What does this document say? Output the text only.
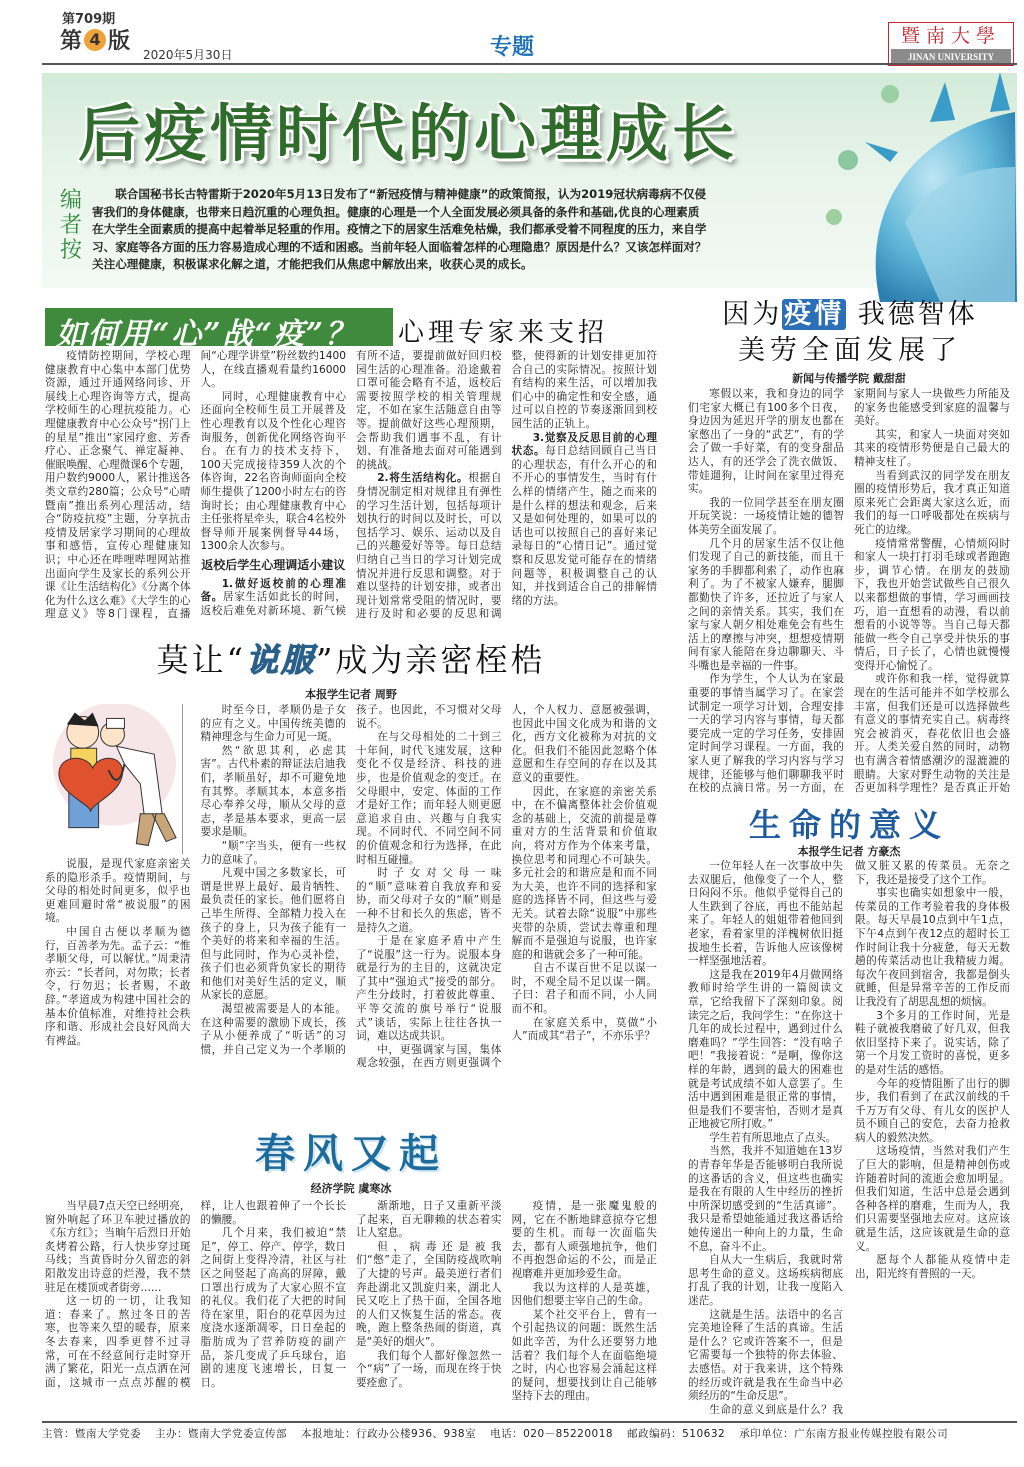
第709期
第 4 版
2020年5月30日	专题	暨南大學
JINAN UNIVERSITY
后疫情时代的心理成长
编者按
联合国秘书长古特雷斯于2020年5月13日发布了“新冠疫情与精神健康”的政策简报，认为2019冠状病毒病不仅侵害我们的身体健康，也带来日趋沉重的心理负担。健康的心理是一个人全面发展必须具备的条件和基础,优良的心理素质在大学生全面素质的提高中起着举足轻重的作用。疫情之下的居家生活难免枯燥，我们都承受着不同程度的压力，来自学习、家庭等各方面的压力容易造成心理的不适和困惑。当前年轻人面临着怎样的心理隐患？原因是什么？又该怎样面对？关注心理健康，积极谋求化解之道，才能把我们从焦虑中解放出来，收获心灵的成长。
如何用“心”战“疫”？ 心理专家来支招

疫情防控期间，学校心理健康教育中心集中本部门优势资源，通过开通网络问诊、开展线上心理咨询等方式，提高学校师生的心理抗疫能力。心理健康教育中心公众号“拐门上的星星”推出“家园疗愈、芳香疗心、正念聚气、禅定凝神、催眠唤醒、心理微课6个专题，用户数约9000人，累计推送各类文章约280篇；公众号“心晴暨南”推出系列心理活动，结合“防疫抗疫”主题，分享抗击疫情及居家学习期间的心理故事和感悟，宣传心理健康知识；中心还在哔哩哔哩网站推出面向学生及家长的系列公开课《让生活结构化》《分离个体化为什么这么难》《大学生的心理意义》等8门课程，直播间“心理学讲堂”粉丝数约1400人，在线直播观看量约16000人。

同时，心理健康教育中心还面向全校师生员工开展普及性心理教育以及个性化心理咨询服务，创新优化网络咨询平台。在有力的技术支持下，100天完成接待359人次的个体咨询，22名咨询师面向全校师生提供了1200小时左右的咨询时长；由心理健康教育中心主任张将星牵头，联合4名校外督导师开展案例督导44场，1300余人次参与。

返校后学生心理调适小建议

1.做好返校前的心理准备。居家生活如此长的时间，返校后难免对新环境、新气候有所不适，要提前做好回归校园生活的心理准备。沿途戴着口罩可能会略有不适，返校后需要按照学校的相关管理规定，不如在家生活随意自由等等。提前做好这些心理预期，会帮助我们遇事不乱，有计划、有准备地去面对可能遇到的挑战。

2.将生活结构化。根据自身情况制定相对规律且有弹性的学习生活计划，包括每项计划执行的时间以及时长，可以包括学习、娱乐、运动以及自己的兴趣爱好等等。每日总结归纳自己当日的学习计划完成情况并进行反思和调整。对于难以坚持的计划安排，或者出现计划常常受阻的情况时，要进行及时和必要的反思和调整，使得新的计划安排更加符合自己的实际情况。按照计划有结构的来生活，可以增加我们心中的确定性和安全感，通过可以自控的节奏逐渐回到校园生活的正轨上。

3.觉察及反思目前的心理状态。每日总结回顾自己当日的心理状态，有什么开心的和不开心的事情发生，当时有什么样的情绪产生，随之而来的是什么样的想法和观念，后来又是如何处理的，如果可以的话也可以按照自己的喜好来记录每日的“心情日记”。通过觉察和反思发觉可能存在的情绪问题等，积极调整自己的认知，并找到适合自己的排解情绪的方法。

因为疫情 我德智体
美劳全面发展了
新闻与传播学院 戴甜甜

寒假以来，我和身边的同学们宅家大概已有100多个日夜，身边因为延迟开学的朋友也都在家憋出了一身的“武艺”，有的学会了做一手好菜，有的变身甜品达人，有的还学会了洗衣做饭、带娃遛狗，让时间在家里过得充实。

我的一位同学甚至在朋友圈开玩笑说：一场疫情让她的德智体美劳全面发展了。

几个月的居家生活不仅让他们发现了自己的新技能，而且干家务的手脚都利索了，动作也麻利了。为了不被家人嫌弃，腿脚都勤快了许多，还拉近了与家人之间的亲情关系。其实，我们在家与家人朝夕相处难免会有些生活上的摩擦与冲突，想想疫情期间有家人能陪在身边聊聊天、斗斗嘴也是幸福的一件事。

作为学生，个人认为在家最重要的事情当属学习了。在家尝试制定一项学习计划，合理安排一天的学习内容与事情，每天都要完成一定的学习任务，安排固定时间学习课程。一方面，我的家人更了解我的学习内容与学习规律，还能够与他们聊聊我平时在校的点滴日常。另一方面，在家期间与家人一块做些力所能及的家务也能感受到家庭的温馨与美好。

其实，和家人一块面对突如其来的疫情形势便是自己最大的精神支柱了。

当看到武汉的同学发在朋友圈的疫情形势后，我才真正知道原来死亡会距离大家这么近，而我们的每一口呼吸都处在疾病与死亡的边缘。

疫情常常警醒，心情烦闷时和家人一块打打羽毛球或者跑跑步，调节心情。在朋友的鼓励下，我也开始尝试做些自己很久以来都想做的事情，学习画画技巧，追一直想看的动漫，看以前想看的小说等等。当自己每天都能做一些令自己享受并快乐的事情后，日子长了，心情也就慢慢变得开心愉悦了。

或许你和我一样，觉得就算现在的生活可能并不如学校那么丰富，但我们还是可以选择做些有意义的事情充实自己。病毒终究会被消灭，春花依旧也会盛开。人类关爱自然的同时，动物也有满含着情感潮汐的湿漉漉的眼睛。大家对野生动物的关注是否更加科学理性？是否真正开始

莫让“说服”成为亲密桎梏
本报学生记者 周野

说服，是现代家庭亲密关系的隐形杀手。疫情期间，与父母的相处时间更多，似乎也更难回避时常“被说服”的困境。

中国自古便以孝顺为德行，百善孝为先。孟子云：“惟孝顺父母，可以解忧。”周秉清亦云：“长者问，对勿欺；长者令，行勿迟；长者赐，不敢辞。”孝道成为构建中国社会的基本价值标准，对维持社会秩序和谐、形成社会良好风尚大有裨益。

时至今日，孝顺仍是子女的应有之义。中国传统美德的精神理念与生命力可见一斑。

然“欲思其利，必虑其害”。古代朴素的辩证法启迪我们，孝顺虽好，却不可避免地有其弊。孝顺其本，本意多指尽心奉养父母，顺从父母的意志，孝是基本要求，更高一层要求是顺。

“顺”字当头，便有一些权力的意味了。

凡观中国之多数家长，可谓是世界上最好、最肯牺牲、最负责任的家长。他们愿将自己毕生所得、全部精力投入在孩子的身上，只为孩子能有一个美好的将来和幸福的生活。但与此同时，作为心灵补偿，孩子们也必须背负家长的期待和他们对美好生活的定义，顺从家长的意愿。

渴望被需要是人的本能。在这种需要的激励下成长，孩子从小便养成了“听话”的习惯，并自己定义为一个孝顺的孩子。也因此，不习惯对父母说不。

在与父母相处的二十到三十年间，时代飞速发展，这种变化不仅是经济、科技的进步，也是价值观念的变迁。在父母眼中，安定、体面的工作才是好工作；而年轻人则更愿意追求自由、兴趣与自我实现。不同时代、不同空间不同的价值观念和行为选择，在此时相互碰撞。

时子女对父母一味的“顺”意味着自我放弃和妥协，而父母对子女的“顺”则是一种不甘和长久的焦虑，皆不是持久之道。

于是在家庭矛盾中产生了“说服”这一行为。说服本身就是行为的主目的，这就决定了其中“强迫式”接受的部分。产生分歧时，打着彼此尊重、平等交流的旗号举行“说服式”谈话，实际上往往各执一词，难以达成共识。

中，更强调家与国，集体观念较强，在西方则更强调个人，个人权力、意愿被强调，也因此中国文化成为和谐的文化，西方文化被称为对抗的文化。但我们不能因此忽略个体意愿和生存空间的存在以及其意义的重要性。

因此，在家庭的亲密关系中，在不偏离整体社会价值观念的基础上，交流的前提是尊重对方的生活背景和价值取向，将对方作为个体来考量，换位思考和同理心不可缺失。多元社会的和谐应是和而不同为大美，也许不同的选择和家庭的选择皆不同，但这些与爱无关。试着去除“说服”中那些夹带的杂质，尝试去尊重和理解而不是强迫与说服，也许家庭的和谐就会多了一种可能。

自古不谋百世不足以谋一时，不观全局不足以谋一隅。子曰：君子和而不同，小人同而不和。

在家庭关系中，莫做“小人”而成其“君子”，不亦乐乎？

生命的意义
本报学生记者 方豪杰

一位年轻人在一次事故中失去双腿后，他像变了一个人，整日闷闷不乐。他似乎觉得自己的人生跌到了谷底，再也不能站起来了。年轻人的姐姐带着他回到老家，看着家里的洋槐树依旧挺拔地生长着，告诉他人应该像树一样坚强地活着。

这是我在2019年4月做网络教师时给学生讲的一篇阅读文章，它给我留下了深刻印象。阅读完之后，我问学生：“在你这十几年的成长过程中，遇到过什么磨难吗？”学生回答：“没有啥子吧！”我接着说：“是啊，像你这样的年龄，遇到的最大的困难也就是考试成绩不如人意罢了。生活中遇到困难是很正常的事情，但是我们不要害怕，否则才是真正地被它所打败。”

学生若有所思地点了点头。

当然，我并不知道她在13岁的青春年华是否能够明白我所说的这番话的含义，但这些也确实是我在有限的人生中经历的挫折中所深切感受到的“生活真谛”。我只是希望她能通过我这番话给她传递出一种向上的力量，生命不息，奋斗不止。

自从大一生病后，我就时常思考生命的意义。这场疾病彻底打乱了我的计划，让我一度陷入迷茫。

这就是生活。法语中的名言完美地诠释了生活的真谛。生活是什么？它或许答案不一，但是它需要每一个独特的你去体验、去感悟。对于我来讲，这个特殊的经历或许就是我在生命当中必须经历的“生命反思”。

生命的意义到底是什么？我

做又脏又累的传菜员。无奈之下，我还是接受了这个工作。

事实也确实如想象中一般，传菜员的工作考验着我的身体极限。每天早晨10点到中午1点，下午4点到午夜12点的超时长工作时间让我十分疲惫，每天无数趟的传菜活动也让我精疲力竭。每次午夜回到宿舍，我都是倒头就睡，但是异常辛苦的工作反而让我没有了胡思乱想的烦恼。

3个多月的工作时间，光是鞋子就被我磨破了好几双，但我依旧坚持下来了。说实话，除了第一个月发工资时的喜悦，更多的是对生活的感悟。

今年的疫情阻断了出行的脚步，我们看到了在武汉前线的千千万万有父母、有儿女的医护人员不顾自己的安危，去奋力抢救病人的毅然决然。

这场疫情，当然对我们产生了巨大的影响，但是精神创伤或许随着时间的流逝会愈加明显。但我们知道，生活中总是会遇到各种各样的磨难，生而为人，我们只需要坚强地去应对。这应该就是生活，这应该就是生命的意义。

愿每个人都能从疫情中走出，阳光终有普照的一天。

春风又起
经济学院 虞寒冰

当早晨7点天空已经明亮，窗外响起了环卫车驶过播放的《东方红》；当晌午后烈日开始炙烤着公路，行人快步穿过斑马线；当黄昏时分久留恋的斜阳散发出诗意的烂漫，我不禁驻足在楼顶或者街旁……

这一切的一切，让我知道：春来了。熬过冬日的苦寒，也等来久望的暖春，原来冬去春来，四季更替不过寻常，可在不经意间行走时穿开满了繁花，阳光一点点洒在河面，这城市一点点苏醒的模样，让人也跟着伸了一个长长的懒腰。

几个月来，我们被迫“禁足”，停工、停产、停学，数日之间街上变得冷清，社区与社区之间竖起了高高的屏障，戴口罩出行成为了大家心照不宣的礼仪。我们花了大把的时间待在家里，阳台的花草因为过度浇水逐渐凋零，日日垒起的脂肪成为了营养防疫的副产品，茶几变成了乒乓球台，追剧的速度飞速增长，日复一日。

渐渐地，日子又重新平淡了起来，百无聊赖的状态着实让人窒息。

但，病毒还是被我们“憋”走了，全国防疫战吹响了大捷的号声。最美逆行者们奔赴湖北又凯旋归来，湖北人民又吃上了热干面，全国各地的人们又恢复生活的常态。夜晚，跑上整条热闹的街道，真是“美好的烟火”。

我们每个人都好像忽然一个“病”了一场，而现在终于快要痊愈了。

疫情，是一张魔鬼般的网，它在不断地肆意掠夺它想要的生机。而每一次面临失去，都有人顽强地抗争，他们不再抱怨命运的不公，而是正视磨难并更加珍爱生命。

我以为这样的人是英雄，因他们想要主宰自己的生命。

某个社交平台上，曾有一个引起热议的问题：既然生活如此辛苦，为什么还要努力地活着？我们每个人在面临绝境之时，内心也容易会涌起这样的疑问，想要找到让自己能够坚持下去的理由。

主管：暨南大学党委 主办：暨南大学党委宣传部 本报地址：行政办公楼936、938室 电话：020－85220018 邮政编码：510632 承印单位：广东南方报业传媒控股有限公司
